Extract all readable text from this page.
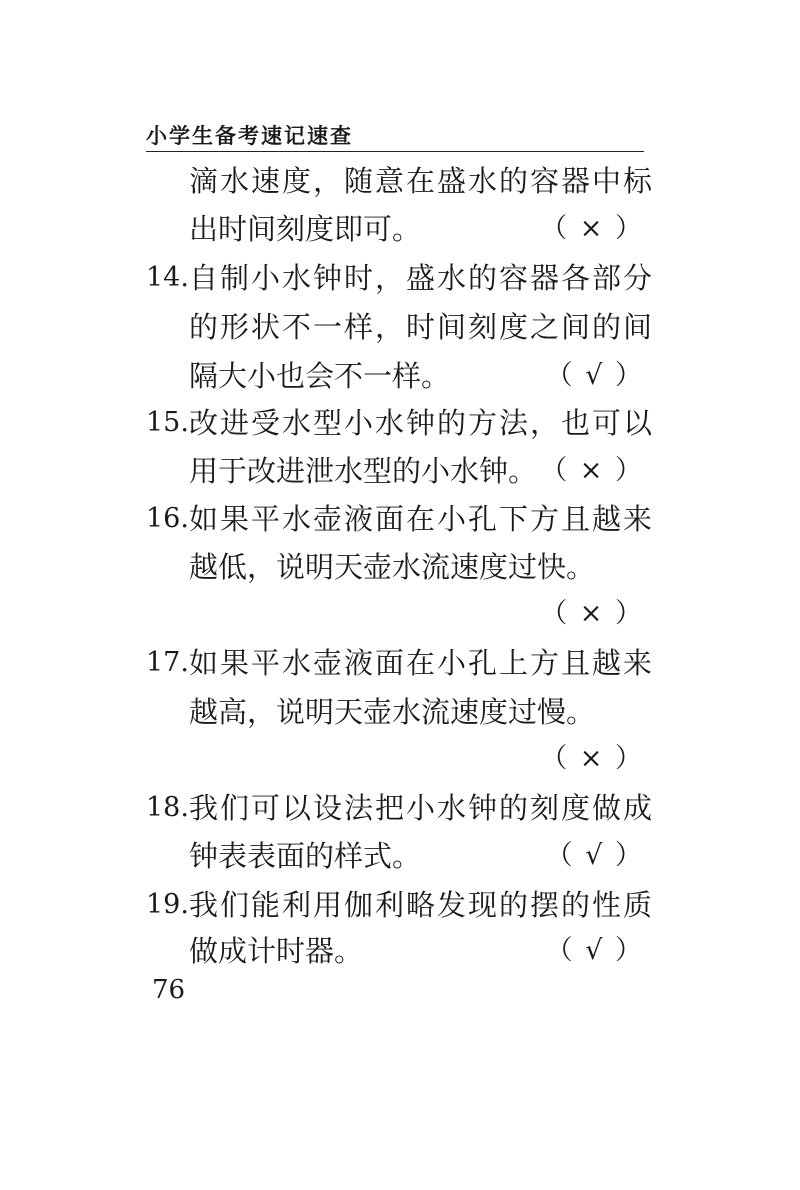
小学生备考速记速查
滴水速度，随意在盛水的容器中标
出时间刻度即可。	（ × ）
14. 自制小水钟时，盛水的容器各部分
的形状不一样，时间刻度之间的间
隔大小也会不一样。	（ √ ）
15. 改进受水型小水钟的方法，也可以
用于改进泄水型的小水钟。 （ × ）
16. 如果平水壶液面在小孔下方且越来
越低，说明天壶水流速度过快。
（ × ）
17. 如果平水壶液面在小孔上方且越来
越高，说明天壶水流速度过慢。
（ × ）
18. 我们可以设法把小水钟的刻度做成
钟表表面的样式。	（ √ ）
19. 我们能利用伽利略发现的摆的性质
做成计时器。	（ √ ）
76
